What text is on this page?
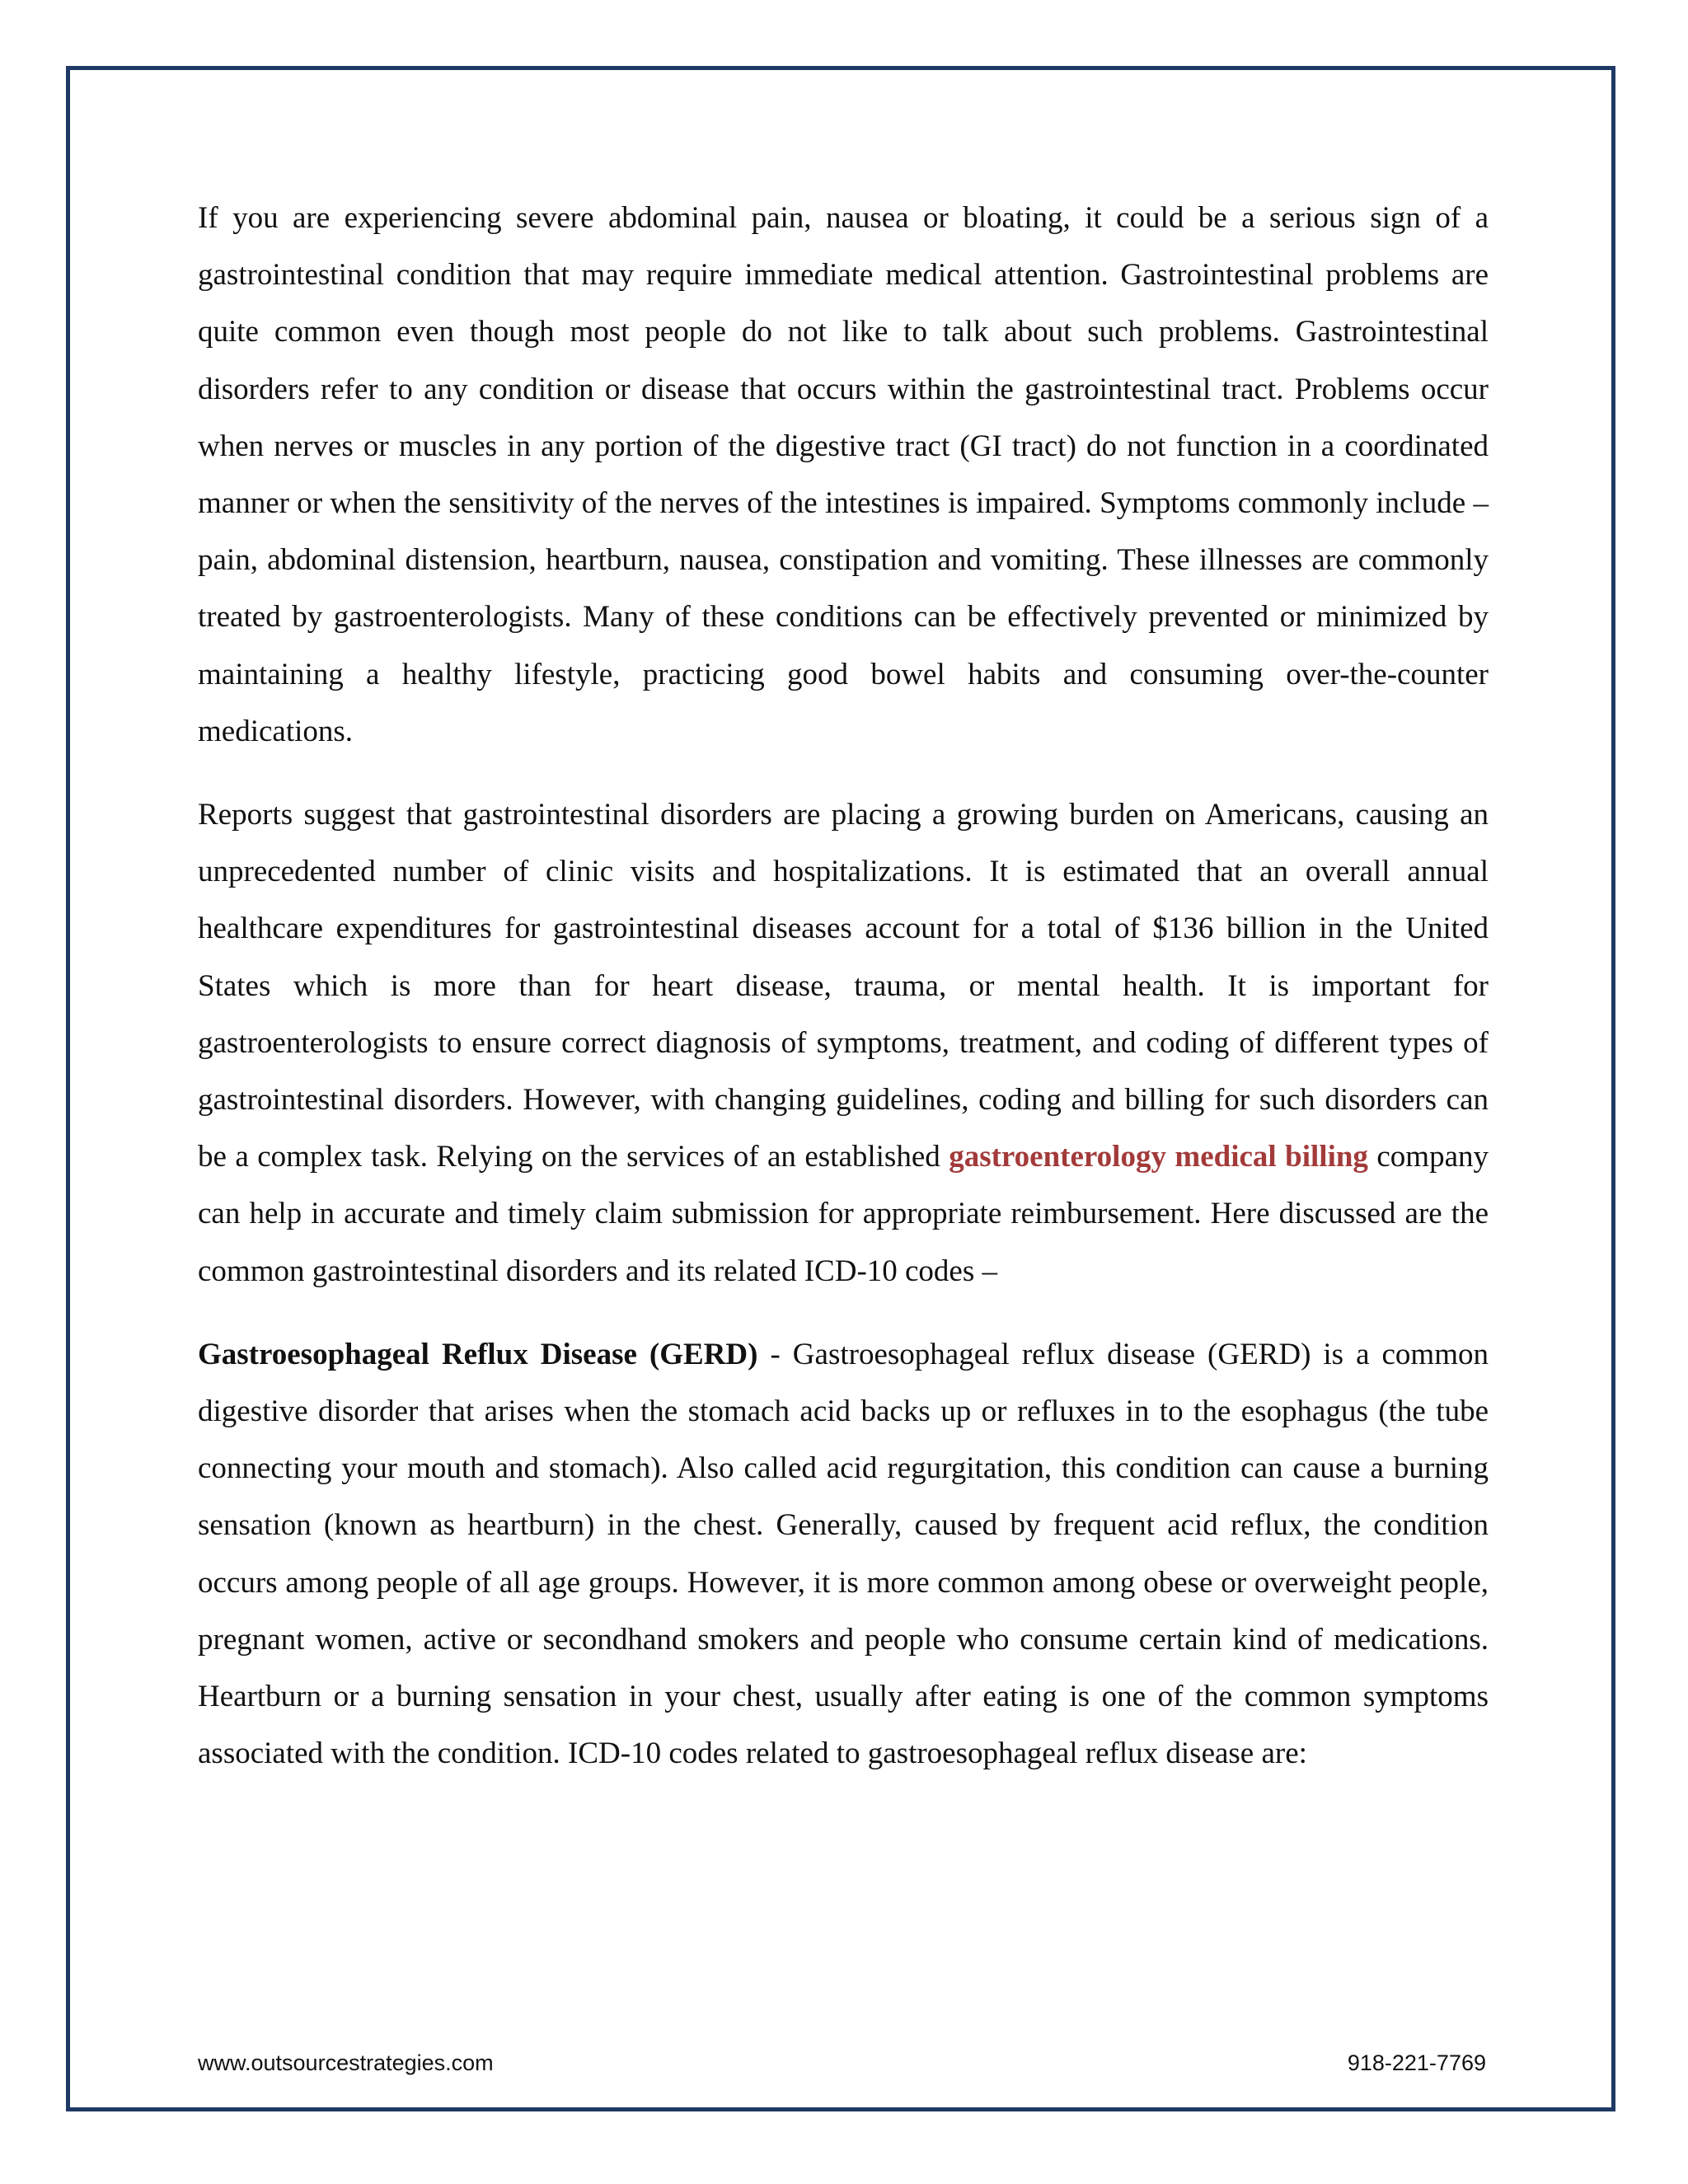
If you are experiencing severe abdominal pain, nausea or bloating, it could be a serious sign of a gastrointestinal condition that may require immediate medical attention. Gastrointestinal problems are quite common even though most people do not like to talk about such problems. Gastrointestinal disorders refer to any condition or disease that occurs within the gastrointestinal tract. Problems occur when nerves or muscles in any portion of the digestive tract (GI tract) do not function in a coordinated manner or when the sensitivity of the nerves of the intestines is impaired. Symptoms commonly include – pain, abdominal distension, heartburn, nausea, constipation and vomiting. These illnesses are commonly treated by gastroenterologists. Many of these conditions can be effectively prevented or minimized by maintaining a healthy lifestyle, practicing good bowel habits and consuming over-the-counter medications.

Reports suggest that gastrointestinal disorders are placing a growing burden on Americans, causing an unprecedented number of clinic visits and hospitalizations. It is estimated that an overall annual healthcare expenditures for gastrointestinal diseases account for a total of $136 billion in the United States which is more than for heart disease, trauma, or mental health. It is important for gastroenterologists to ensure correct diagnosis of symptoms, treatment, and coding of different types of gastrointestinal disorders. However, with changing guidelines, coding and billing for such disorders can be a complex task. Relying on the services of an established gastroenterology medical billing company can help in accurate and timely claim submission for appropriate reimbursement. Here discussed are the common gastrointestinal disorders and its related ICD-10 codes –

Gastroesophageal Reflux Disease (GERD) - Gastroesophageal reflux disease (GERD) is a common digestive disorder that arises when the stomach acid backs up or refluxes in to the esophagus (the tube connecting your mouth and stomach). Also called acid regurgitation, this condition can cause a burning sensation (known as heartburn) in the chest. Generally, caused by frequent acid reflux, the condition occurs among people of all age groups. However, it is more common among obese or overweight people, pregnant women, active or secondhand smokers and people who consume certain kind of medications. Heartburn or a burning sensation in your chest, usually after eating is one of the common symptoms associated with the condition. ICD-10 codes related to gastroesophageal reflux disease are:

www.outsourcestrategies.com	918-221-7769
